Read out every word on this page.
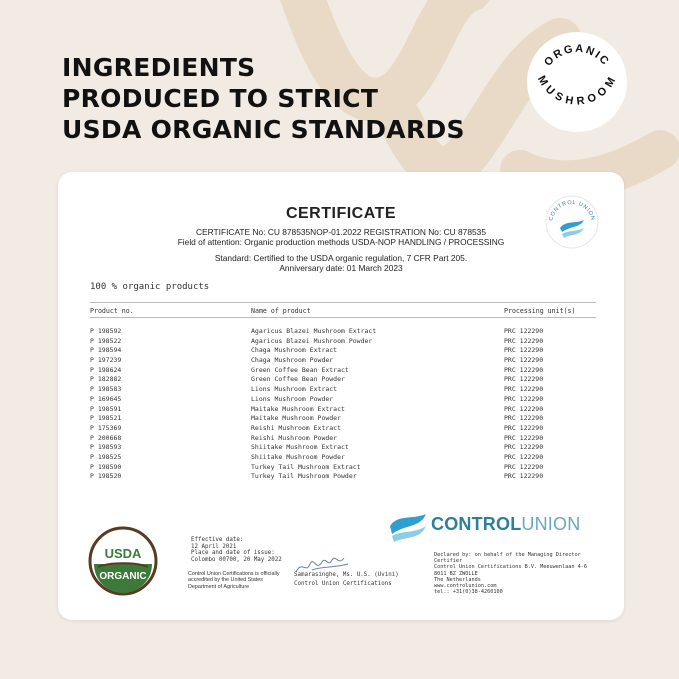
INGREDIENTS
PRODUCED TO STRICT
USDA ORGANIC STANDARDS
ORGANIC
MUSHROOM
CERTIFICATE
CERTIFICATE No: CU 878535NOP-01.2022 REGISTRATION No: CU 878535
Field of attention: Organic production methods USDA-NOP HANDLING / PROCESSING
Standard: Certified to the USDA organic regulation, 7 CFR Part 205.
Anniversary date: 01 March 2023
CONTROL UNION
100 % organic products
Product no.	Name of product	Processing unit(s)
P 198592	Agaricus Blazei Mushroom Extract	PRC 122290
P 198522	Agaricus Blazei Mushroom Powder	PRC 122290
P 198594	Chaga Mushroom Extract	PRC 122290
P 197239	Chaga Mushroom Powder	PRC 122290
P 198624	Green Coffee Bean Extract	PRC 122290
P 182882	Green Coffee Bean Powder	PRC 122290
P 198583	Lions Mushroom Extract	PRC 122290
P 169645	Lions Mushroom Powder	PRC 122290
P 198591	Maitake Mushroom Extract	PRC 122290
P 198521	Maitake Mushroom Powder	PRC 122290
P 175369	Reishi Mushroom Extract	PRC 122290
P 200668	Reishi Mushroom Powder	PRC 122290
P 198593	Shiitake Mushroom Extract	PRC 122290
P 198525	Shiitake Mushroom Powder	PRC 122290
P 198590	Turkey Tail Mushroom Extract	PRC 122290
P 198520	Turkey Tail Mushroom Powder	PRC 122290
USDA
ORGANIC
Effective date:
12 April 2021
Place and date of issue:
Colombo 00700, 20 May 2022
Control Union Certifications is officially accredited by the United States Department of Agriculture
Samarasinghe, Ms. U.S. (Uvini)
Control Union Certifications
CONTROLUNION
Declared by: on behalf of the Managing Director
Certifier
Control Union Certifications B.V. Meeuwenlaan 4-6
8011 BZ ZWOLLE
The Netherlands
www.controlunion.com
tel.: +31(0)38-4260100
